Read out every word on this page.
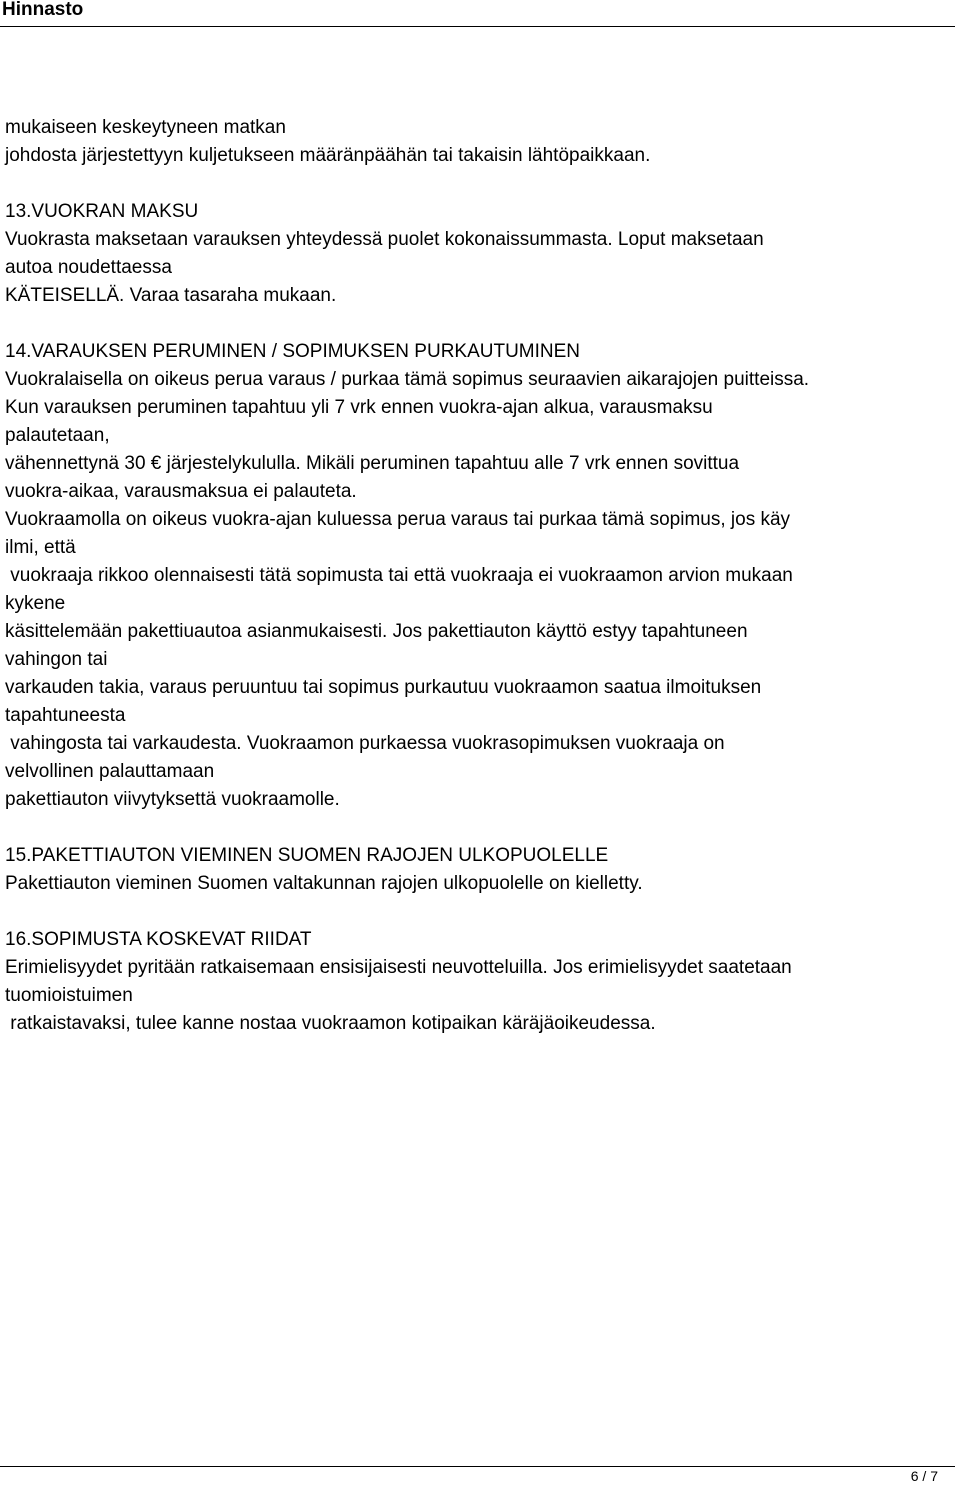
Hinnasto
mukaiseen keskeytyneen matkan
johdosta järjestettyyn kuljetukseen määränpäähän tai takaisin lähtöpaikkaan.
13.VUOKRAN MAKSU
Vuokrasta maksetaan varauksen yhteydessä puolet kokonaissummasta. Loput maksetaan
autoa noudettaessa
KÄTEISELLÄ. Varaa tasaraha mukaan.
14.VARAUKSEN PERUMINEN / SOPIMUKSEN PURKAUTUMINEN
Vuokralaisella on oikeus perua varaus / purkaa tämä sopimus seuraavien aikarajojen puitteissa.
Kun varauksen peruminen tapahtuu yli 7 vrk ennen vuokra-ajan alkua, varausmaksu
palautetaan,
vähennettynä 30 € järjestelykululla. Mikäli peruminen tapahtuu alle 7 vrk ennen sovittua
vuokra-aikaa, varausmaksua ei palauteta.
Vuokraamolla on oikeus vuokra-ajan kuluessa perua varaus tai purkaa tämä sopimus, jos käy
ilmi, että
vuokraaja rikkoo olennaisesti tätä sopimusta tai että vuokraaja ei vuokraamon arvion mukaan
kykene
käsittelemään pakettiuautoa asianmukaisesti. Jos pakettiauton käyttö estyy tapahtuneen
vahingon tai
varkauden takia, varaus peruuntuu tai sopimus purkautuu vuokraamon saatua ilmoituksen
tapahtuneesta
vahingosta tai varkaudesta. Vuokraamon purkaessa vuokrasopimuksen vuokraaja on
velvollinen palauttamaan
pakettiauton viivytyksettä vuokraamolle.
15.PAKETTIAUTON VIEMINEN SUOMEN RAJOJEN ULKOPUOLELLE
Pakettiauton vieminen Suomen valtakunnan rajojen ulkopuolelle on kielletty.
16.SOPIMUSTA KOSKEVAT RIIDAT
Erimielisyydet pyritään ratkaisemaan ensisijaisesti neuvotteluilla. Jos erimielisyydet saatetaan
tuomioistuimen
ratkaistavaksi, tulee kanne nostaa vuokraamon kotipaikan käräjäoikeudessa.
6 / 7
